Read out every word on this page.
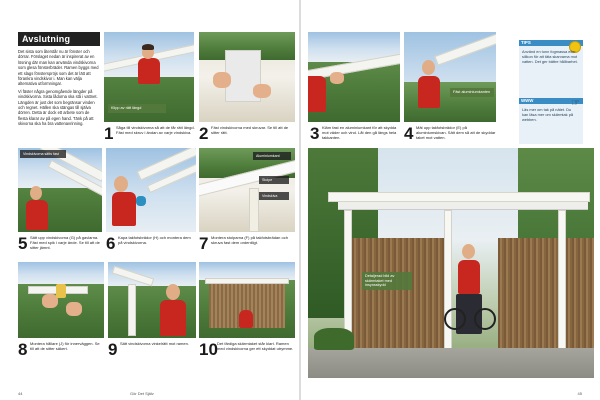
Avslutning

Det sista som återstår nu är fönster och dörrar. Förslaget nedan är inspirerat av en lösning där man kan använda vindskivorna som glesa fönsterbräder. Ramen byggs med ett slags fönsterspröjs som det är lätt att förankra vindskivor i. Man kan välja alternativa utformningar.

Vi fäster några genomgående längder på vindskivorna. Sista lådorna ska stå i vattnet. Längden är just det som begränsar vinden och regnet. Hällen ska stängas till själva dörren. Detta är dock ett arbete som de flesta klarar av på egen hand. Tänk på att skivorna ska ha bra vattenavrinning.

Klipp av rätt längd
1 Såga till vindskivorna så att de får rätt längd. Fäst med skruv i ändan av varje vindskiva. 2 Fäst vindskivorna med skruvar. Se till att de sitter rätt.
Vindskivorna sätts fast
5 Sätt upp vindskivorna (G) på gavlarna. Fäst med spik i varje ände. Se till att de sitter jämnt.	6 Kapa takfotsbrädor (H) och montera dem på vindskivorna.
Aluminiumkant
Stolpe
Vindskiva
7 Montera stolparna (F) på takfotsbrädan och skruva fast dem ordentligt.
8 Montera hållare (J) för innerväggen. Se till att de sitter säkert.	9 Sätt vindskivorna vinkelrätt mot ramen. 10 Det färdiga skärmtaket står klart. Ramen med vindskivorna ger ett skyddat utrymme.
44	Gör Det Själv
3 Kläm fast en aluminiumkant för att skydda mot väder och vind. Låt den gå längs hela takkanten.
Fäst aluminiumkanten
4 Mät upp takfotsbrädor (E) på aluminiumskivan. Sätt dem så att de skyddar taket mot vatten.
Detaljerad bild av skärmtaket med insynsskydd
TIPS
Använd en tunn fogmassa eller silikon för att täta skarvarna mot vatten. Det ger bättre hållbarhet.
WWW	☞
Läs mer om tak på nätet. Du kan läsa mer om skärmtak på webben.
45
